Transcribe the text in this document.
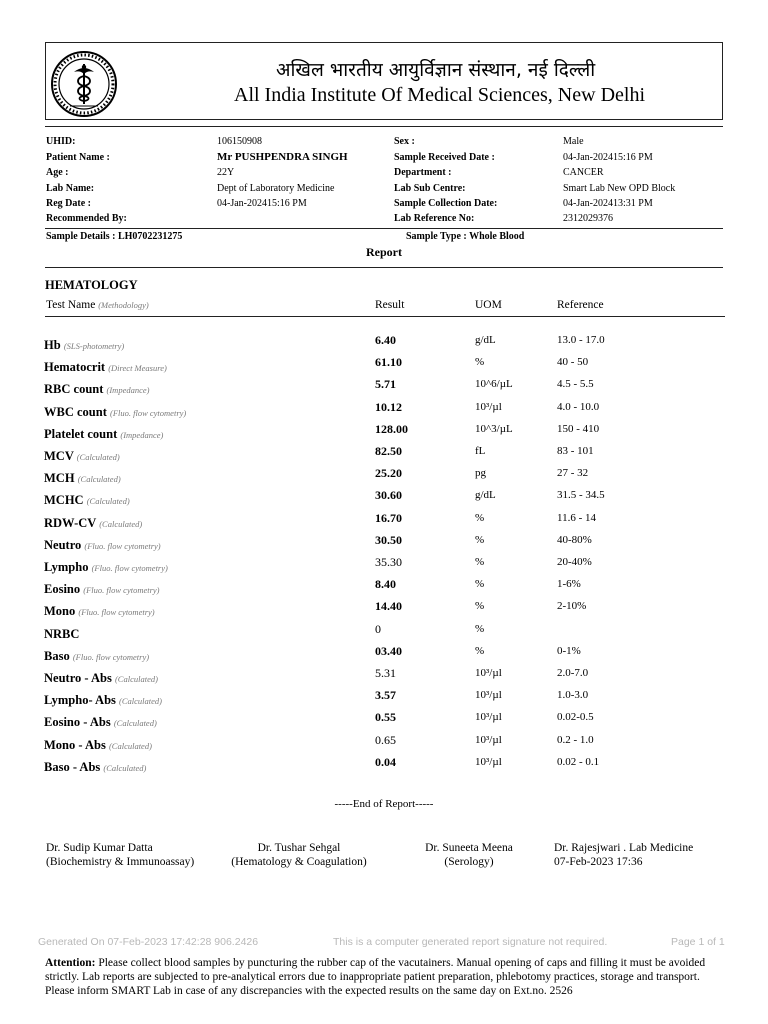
अखिल भारतीय आयुर्विज्ञान संस्थान, नई दिल्ली
All India Institute Of Medical Sciences, New Delhi
UHID:	106150908
Patient Name :	Mr PUSHPENDRA SINGH
Age :	22Y
Lab Name:	Dept of Laboratory Medicine
Reg Date :	04-Jan-202415:16 PM
Recommended By:
Sex :	Male
Sample Received Date :	04-Jan-202415:16 PM
Department :	CANCER
Lab Sub Centre:	Smart Lab New OPD Block
Sample Collection Date:	04-Jan-202413:31 PM
Lab Reference No:	2312029376
Sample Details : LH0702231275	Sample Type : Whole Blood
Report
HEMATOLOGY
Test Name (Methodology)	Result	UOM	Reference
Hb (SLS-photometry)	6.40	g/dL	13.0 - 17.0
Hematocrit (Direct Measure)	61.10	%	40 - 50
RBC count (Impedance)	5.71	10^6/µL	4.5 - 5.5
WBC count (Fluo. flow cytometry)	10.12	10³/µl	4.0 - 10.0
Platelet count (Impedance)	128.00	10^3/µL	150 - 410
MCV (Calculated)	82.50	fL	83 - 101
MCH (Calculated)	25.20	pg	27 - 32
MCHC (Calculated)	30.60	g/dL	31.5 - 34.5
RDW-CV (Calculated)	16.70	%	11.6 - 14
Neutro (Fluo. flow cytometry)	30.50	%	40-80%
Lympho (Fluo. flow cytometry)	35.30	%	20-40%
Eosino (Fluo. flow cytometry)	8.40	%	1-6%
Mono (Fluo. flow cytometry)	14.40	%	2-10%
NRBC	0	%
Baso (Fluo. flow cytometry)	03.40	%	0-1%
Neutro - Abs (Calculated)	5.31	10³/µl	2.0-7.0
Lympho- Abs (Calculated)	3.57	10³/µl	1.0-3.0
Eosino - Abs (Calculated)	0.55	10³/µl	0.02-0.5
Mono - Abs (Calculated)	0.65	10³/µl	0.2 - 1.0
Baso - Abs (Calculated)	0.04	10³/µl	0.02 - 0.1
-----End of Report-----
Dr. Sudip Kumar Datta
(Biochemistry & Immunoassay)
Dr. Tushar Sehgal
(Hematology & Coagulation)
Dr. Suneeta Meena
(Serology)
Dr. Rajesjwari . Lab Medicine
07-Feb-2023 17:36
Generated On 07-Feb-2023 17:42:28 906.2426	This is a computer generated report signature not required.	Page 1 of 1
Attention: Please collect blood samples by puncturing the rubber cap of the vacutainers. Manual opening of caps and filling it must be avoided strictly. Lab reports are subjected to pre-analytical errors due to inappropriate patient preparation, phlebotomy practices, storage and transport. Please inform SMART Lab in case of any discrepancies with the expected results on the same day on Ext.no. 2526
